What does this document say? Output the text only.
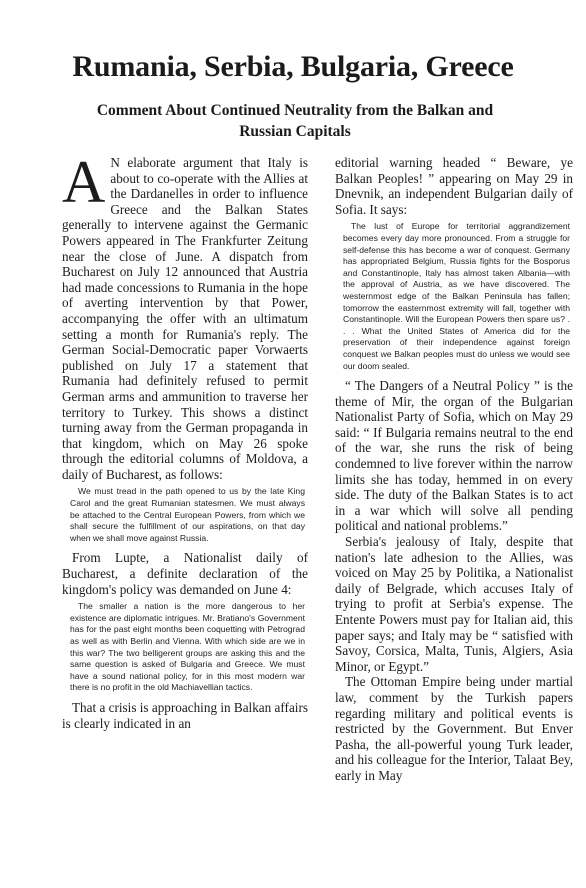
Rumania, Serbia, Bulgaria, Greece
Comment About Continued Neutrality from the Balkan and Russian Capitals

A N elaborate argument that Italy is about to co-operate with the Allies at the Dardanelles in order to influence Greece and the Balkan States generally to intervene against the Germanic Powers appeared in The Frankfurter Zeitung near the close of June. A dispatch from Bucharest on July 12 announced that Austria had made concessions to Rumania in the hope of averting intervention by that Power, accompanying the offer with an ultimatum setting a month for Rumania's reply. The German Social-Democratic paper Vorwaerts published on July 17 a statement that Rumania had definitely refused to permit German arms and ammunition to traverse her territory to Turkey. This shows a distinct turning away from the German propaganda in that kingdom, which on May 26 spoke through the editorial columns of Moldova, a daily of Bucharest, as follows:

We must tread in the path opened to us by the late King Carol and the great Rumanian statesmen. We must always be attached to the Central European Powers, from which we shall secure the fulfillment of our aspirations, on that day when we shall move against Russia.

From Lupte, a Nationalist daily of Bucharest, a definite declaration of the kingdom's policy was demanded on June 4:

The smaller a nation is the more dangerous to her existence are diplomatic intrigues. Mr. Bratiano's Government has for the past eight months been coquetting with Petrograd as well as with Berlin and Vienna. With which side are we in this war? The two belligerent groups are asking this and the same question is asked of Bulgaria and Greece. We must have a sound national policy, for in this most modern war there is no profit in the old Machiavellian tactics.

That a crisis is approaching in Balkan affairs is clearly indicated in an

editorial warning headed “ Beware, ye Balkan Peoples! ” appearing on May 29 in Dnevnik, an independent Bulgarian daily of Sofia. It says:

The lust of Europe for territorial aggrandizement becomes every day more pronounced. From a struggle for self-defense this has become a war of conquest. Germany has appropriated Belgium, Russia fights for the Bosporus and Constantinople, Italy has almost taken Albania—with the approval of Austria, as we have discovered. The westernmost edge of the Balkan Peninsula has fallen; tomorrow the easternmost extremity will fall, together with Constantinople. Will the European Powers then spare us? . . . What the United States of America did for the preservation of their independence against foreign conquest we Balkan peoples must do unless we would see our doom sealed.

“ The Dangers of a Neutral Policy ” is the theme of Mir, the organ of the Bulgarian Nationalist Party of Sofia, which on May 29 said: “ If Bulgaria remains neutral to the end of the war, she runs the risk of being condemned to live forever within the narrow limits she has today, hemmed in on every side. The duty of the Balkan States is to act in a war which will solve all pending political and national problems.”

Serbia's jealousy of Italy, despite that nation's late adhesion to the Allies, was voiced on May 25 by Politika, a Nationalist daily of Belgrade, which accuses Italy of trying to profit at Serbia's expense. The Entente Powers must pay for Italian aid, this paper says; and Italy may be “ satisfied with Savoy, Corsica, Malta, Tunis, Algiers, Asia Minor, or Egypt.”

The Ottoman Empire being under martial law, comment by the Turkish papers regarding military and political events is restricted by the Government. But Enver Pasha, the all-powerful young Turk leader, and his colleague for the Interior, Talaat Bey, early in May
